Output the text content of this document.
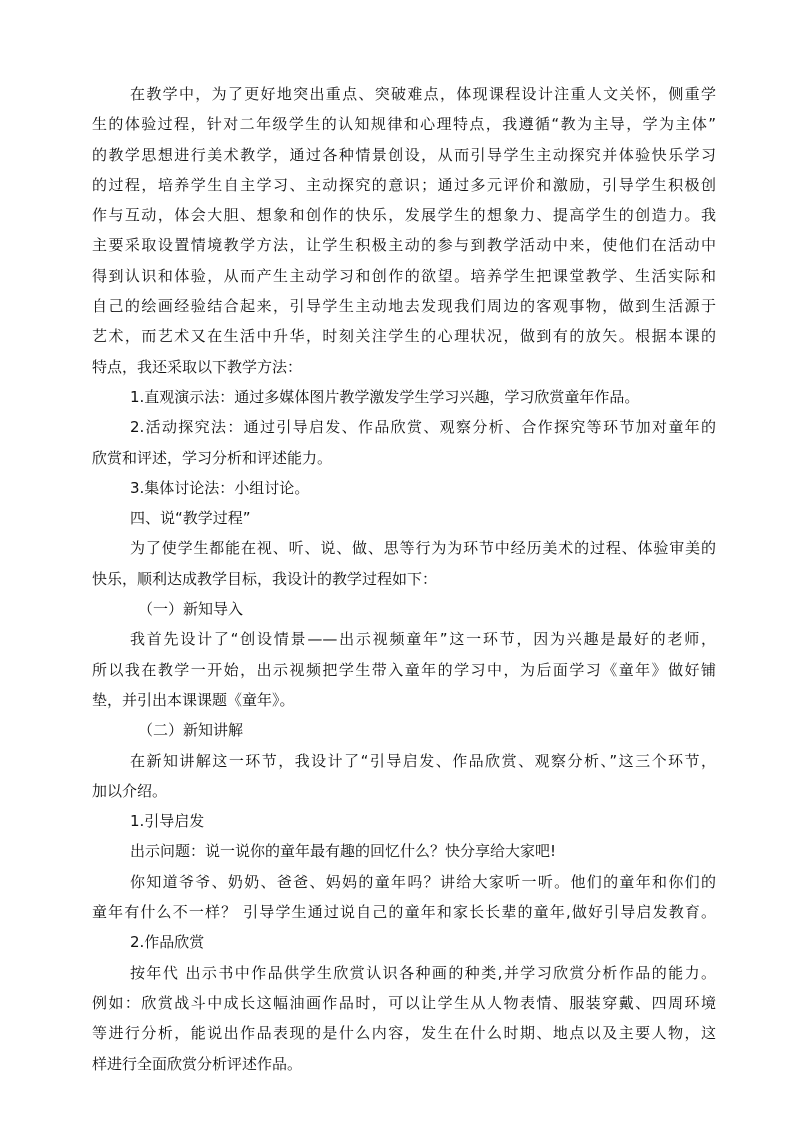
在教学中，为了更好地突出重点、突破难点，体现课程设计注重人文关怀，侧重学
生的体验过程，针对二年级学生的认知规律和心理特点，我遵循“教为主导，学为主体”
的教学思想进行美术教学，通过各种情景创设，从而引导学生主动探究并体验快乐学习
的过程，培养学生自主学习、主动探究的意识；通过多元评价和激励，引导学生积极创
作与互动，体会大胆、想象和创作的快乐，发展学生的想象力、提高学生的创造力。我
主要采取设置情境教学方法，让学生积极主动的参与到教学活动中来，使他们在活动中
得到认识和体验，从而产生主动学习和创作的欲望。培养学生把课堂教学、生活实际和
自己的绘画经验结合起来，引导学生主动地去发现我们周边的客观事物，做到生活源于
艺术，而艺术又在生活中升华，时刻关注学生的心理状况，做到有的放矢。根据本课的
特点，我还采取以下教学方法：
1.直观演示法：通过多媒体图片教学激发学生学习兴趣，学习欣赏童年作品。
2.活动探究法：通过引导启发、作品欣赏、观察分析、合作探究等环节加对童年的
欣赏和评述，学习分析和评述能力。
3.集体讨论法：小组讨论。
四、说“教学过程”
为了使学生都能在视、听、说、做、思等行为为环节中经历美术的过程、体验审美的
快乐，顺利达成教学目标，我设计的教学过程如下：
（一）新知导入
我首先设计了“创设情景——出示视频童年”这一环节，因为兴趣是最好的老师，
所以我在教学一开始，出示视频把学生带入童年的学习中，为后面学习《童年》做好铺
垫，并引出本课课题《童年》。
（二）新知讲解
在新知讲解这一环节，我设计了“引导启发、作品欣赏、观察分析、”这三个环节，
加以介绍。
1.引导启发
出示问题：说一说你的童年最有趣的回忆什么？快分享给大家吧!
你知道爷爷、奶奶、爸爸、妈妈的童年吗？讲给大家听一听。他们的童年和你们的
童年有什么不一样？ 引导学生通过说自己的童年和家长长辈的童年,做好引导启发教育。
2.作品欣赏
按年代 出示书中作品供学生欣赏认识各种画的种类,并学习欣赏分析作品的能力。
例如：欣赏战斗中成长这幅油画作品时，可以让学生从人物表情、服装穿戴、四周环境
等进行分析，能说出作品表现的是什么内容，发生在什么时期、地点以及主要人物，这
样进行全面欣赏分析评述作品。
